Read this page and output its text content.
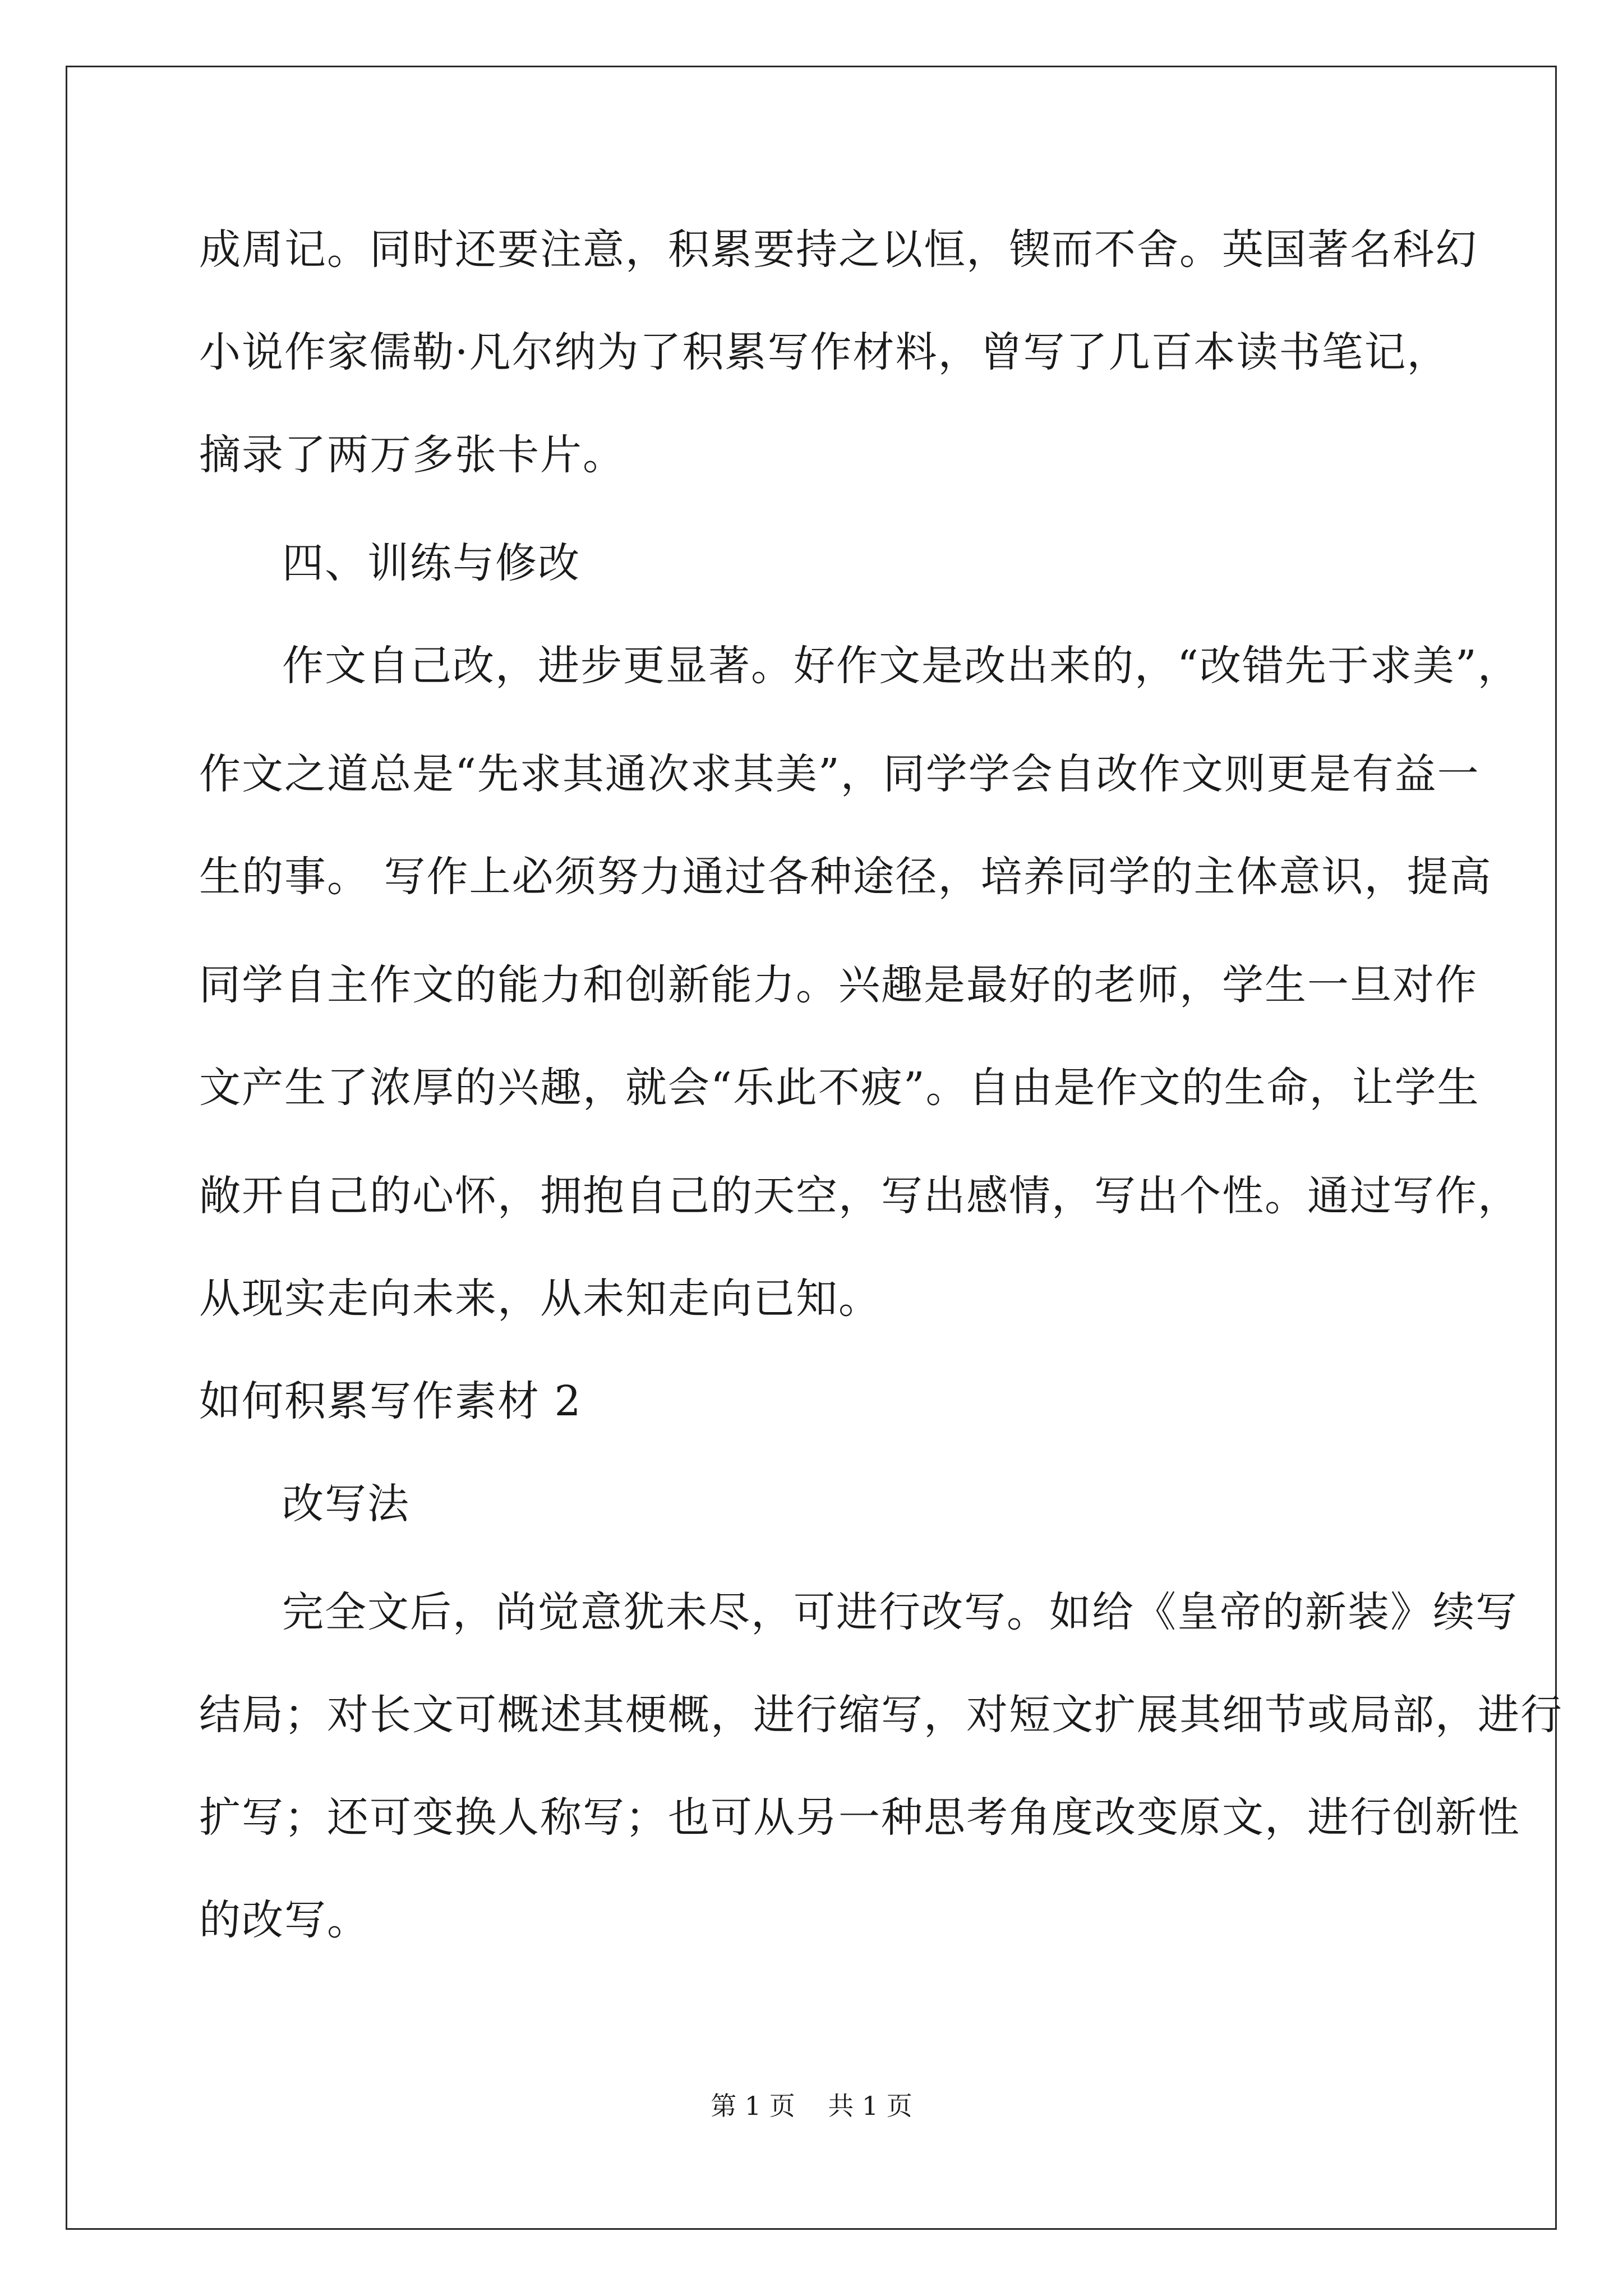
成周记。同时还要注意，积累要持之以恒，锲而不舍。英国著名科幻
小说作家儒勒·凡尔纳为了积累写作材料，曾写了几百本读书笔记，
摘录了两万多张卡片。
四、训练与修改
作文自己改，进步更显著。好作文是改出来的，“改错先于求美”，
作文之道总是“先求其通次求其美”，同学学会自改作文则更是有益一
生的事。 写作上必须努力通过各种途径，培养同学的主体意识，提高
同学自主作文的能力和创新能力。兴趣是最好的老师，学生一旦对作
文产生了浓厚的兴趣，就会“乐此不疲”。自由是作文的生命，让学生
敞开自己的心怀，拥抱自己的天空，写出感情，写出个性。通过写作，
从现实走向未来，从未知走向已知。
如何积累写作素材 2
改写法
完全文后，尚觉意犹未尽，可进行改写。如给《皇帝的新装》续写
结局；对长文可概述其梗概，进行缩写，对短文扩展其细节或局部，进行
扩写；还可变换人称写；也可从另一种思考角度改变原文，进行创新性
的改写。
第 1 页    共 1 页
